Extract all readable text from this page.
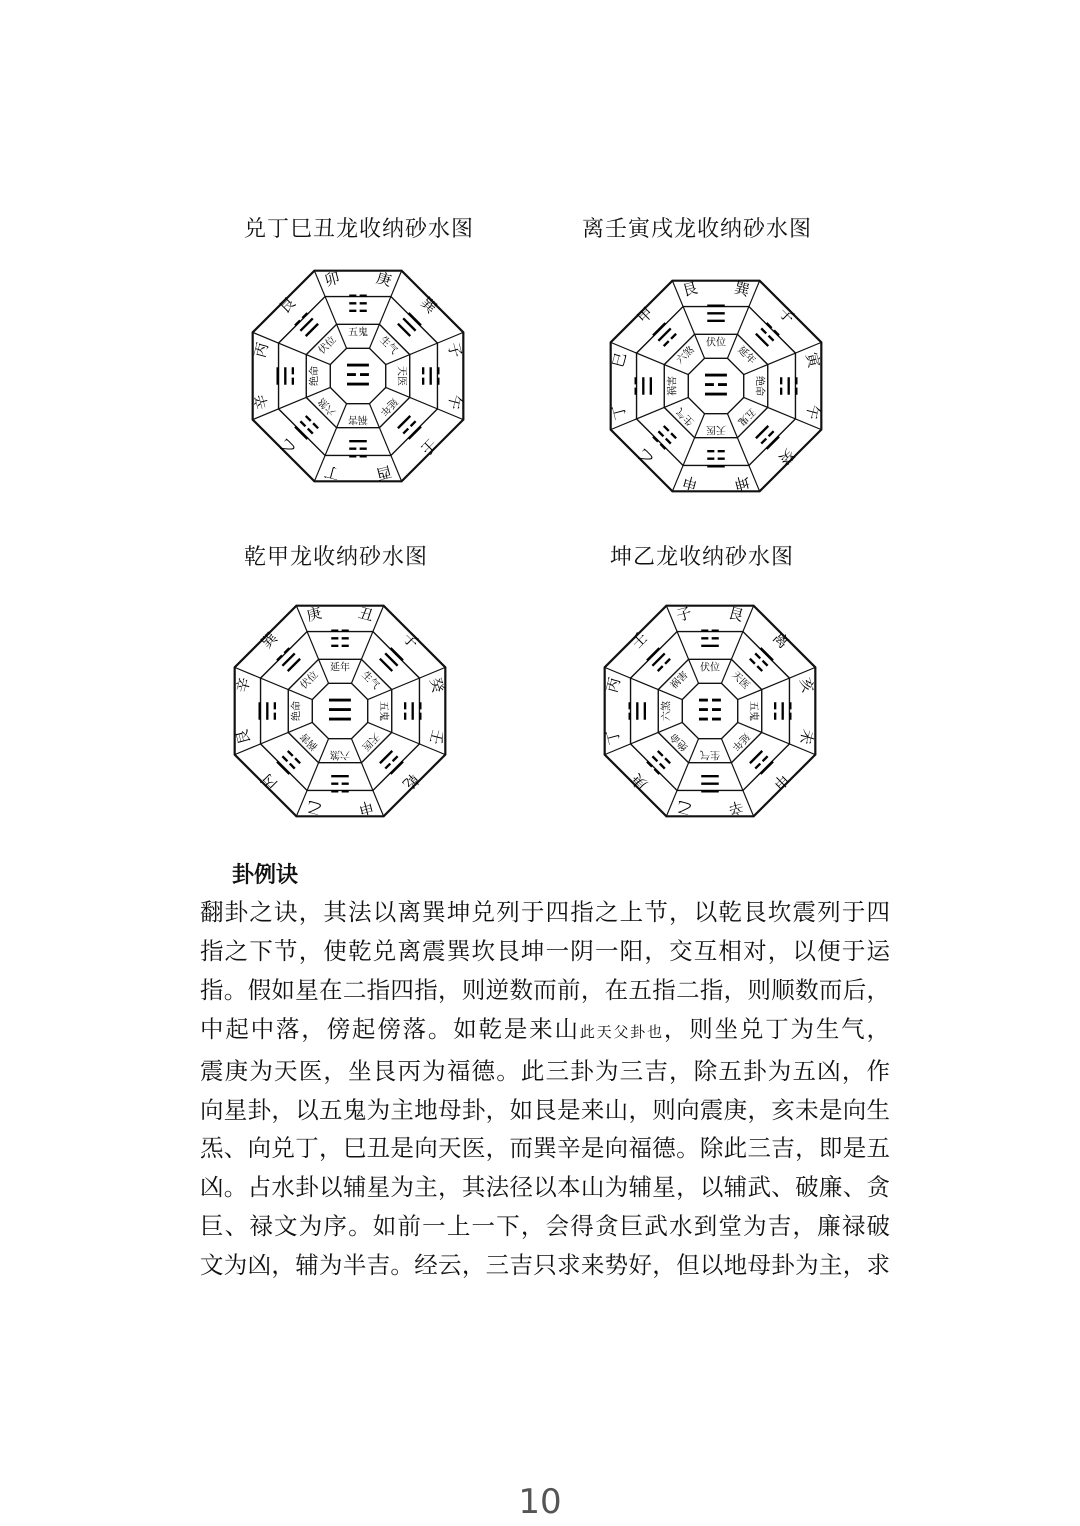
兑丁巳丑龙收纳砂水图
庚
巽
子
午
壬
酉
丁
乙
辛
丙
艮
卯
☷
☰
☵
☲
☳
☶
☴
☱ 五鬼
生气
天医
延年
祸害
六煞
绝命
伏位
☲
离壬寅戌龙收纳砂水图
巽
子
寅
午
癸
坤
申
乙
丁
巳
甲
艮
☰
☳
☵
☲
☶
☷
☱
☴ 伏位
延年
绝命
五鬼
天医
生气
祸害
六煞
☲
乾甲龙收纳砂水图
丑
子
癸
壬
乾
申
乙
丙
艮
辛
巽
庚
☷
☰
☵
☲
☳
☶
☴
☱ 延年
生气
五鬼
天医
六煞
祸害
绝命
伏位
☰
坤乙龙收纳砂水图
艮
离
亥
未
申
辛
乙
庚
丁
丙
壬
子
☳
☶
☵
☲
☰
☷
☱
☴ 伏位
天医
五鬼
延年
生气
绝命
六煞
祸害
☷
卦例诀
翻卦之诀，其法以离巽坤兑列于四指之上节，以乾艮坎震列于四
指之下节，使乾兑离震巽坎艮坤一阴一阳，交互相对，以便于运
指。假如星在二指四指，则逆数而前，在五指二指，则顺数而后，
中起中落，傍起傍落。如乾是来山此天父卦也，则坐兑丁为生气，
震庚为天医，坐艮丙为福德。此三卦为三吉，除五卦为五凶，作
向星卦，以五鬼为主地母卦，如艮是来山，则向震庚，亥未是向生
炁、向兑丁，巳丑是向天医，而巽辛是向福德。除此三吉，即是五
凶。占水卦以辅星为主，其法径以本山为辅星，以辅武、破廉、贪
巨、禄文为序。如前一上一下，会得贪巨武水到堂为吉，廉禄破
文为凶，辅为半吉。经云，三吉只求来势好，但以地母卦为主，求
10
